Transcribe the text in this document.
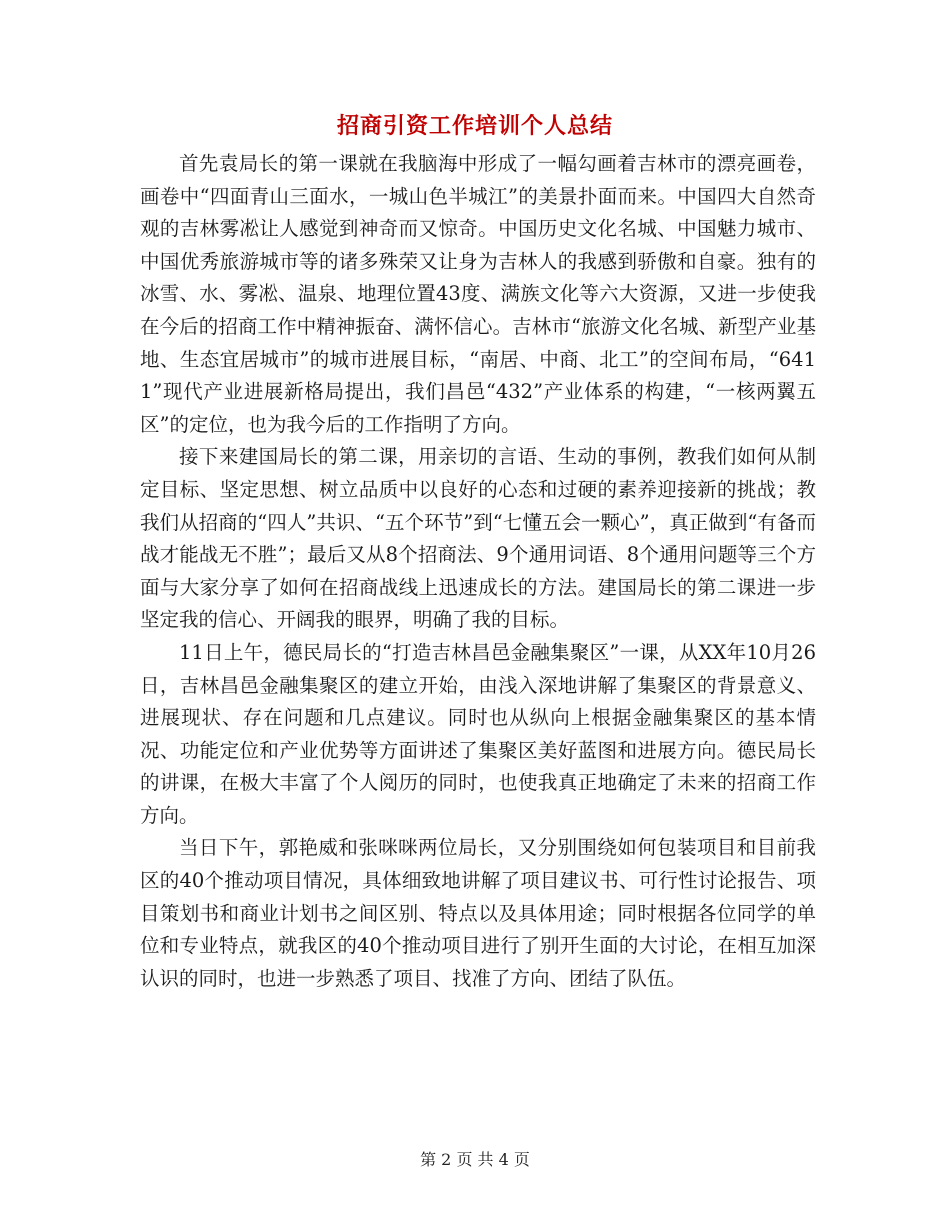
招商引资工作培训个人总结

首先袁局长的第一课就在我脑海中形成了一幅勾画着吉林市的漂亮画卷，画卷中“四面青山三面水，一城山色半城江”的美景扑面而来。中国四大自然奇观的吉林雾凇让人感觉到神奇而又惊奇。中国历史文化名城、中国魅力城市、中国优秀旅游城市等的诸多殊荣又让身为吉林人的我感到骄傲和自豪。独有的冰雪、水、雾凇、温泉、地理位置43度、满族文化等六大资源，又进一步使我在今后的招商工作中精神振奋、满怀信心。吉林市“旅游文化名城、新型产业基地、生态宜居城市”的城市进展目标，“南居、中商、北工”的空间布局，“6411”现代产业进展新格局提出，我们昌邑“432”产业体系的构建，“一核两翼五区”的定位，也为我今后的工作指明了方向。

接下来建国局长的第二课，用亲切的言语、生动的事例，教我们如何从制定目标、坚定思想、树立品质中以良好的心态和过硬的素养迎接新的挑战；教我们从招商的“四人”共识、“五个环节”到“七懂五会一颗心”，真正做到“有备而战才能战无不胜”；最后又从8个招商法、9个通用词语、8个通用问题等三个方面与大家分享了如何在招商战线上迅速成长的方法。建国局长的第二课进一步坚定我的信心、开阔我的眼界，明确了我的目标。

11日上午，德民局长的“打造吉林昌邑金融集聚区”一课，从XX年10月26日，吉林昌邑金融集聚区的建立开始，由浅入深地讲解了集聚区的背景意义、进展现状、存在问题和几点建议。同时也从纵向上根据金融集聚区的基本情况、功能定位和产业优势等方面讲述了集聚区美好蓝图和进展方向。德民局长的讲课，在极大丰富了个人阅历的同时，也使我真正地确定了未来的招商工作方向。

当日下午，郭艳威和张咪咪两位局长，又分别围绕如何包装项目和目前我区的40个推动项目情况，具体细致地讲解了项目建议书、可行性讨论报告、项目策划书和商业计划书之间区别、特点以及具体用途；同时根据各位同学的单位和专业特点，就我区的40个推动项目进行了别开生面的大讨论，在相互加深认识的同时，也进一步熟悉了项目、找准了方向、团结了队伍。

第 2 页 共 4 页
